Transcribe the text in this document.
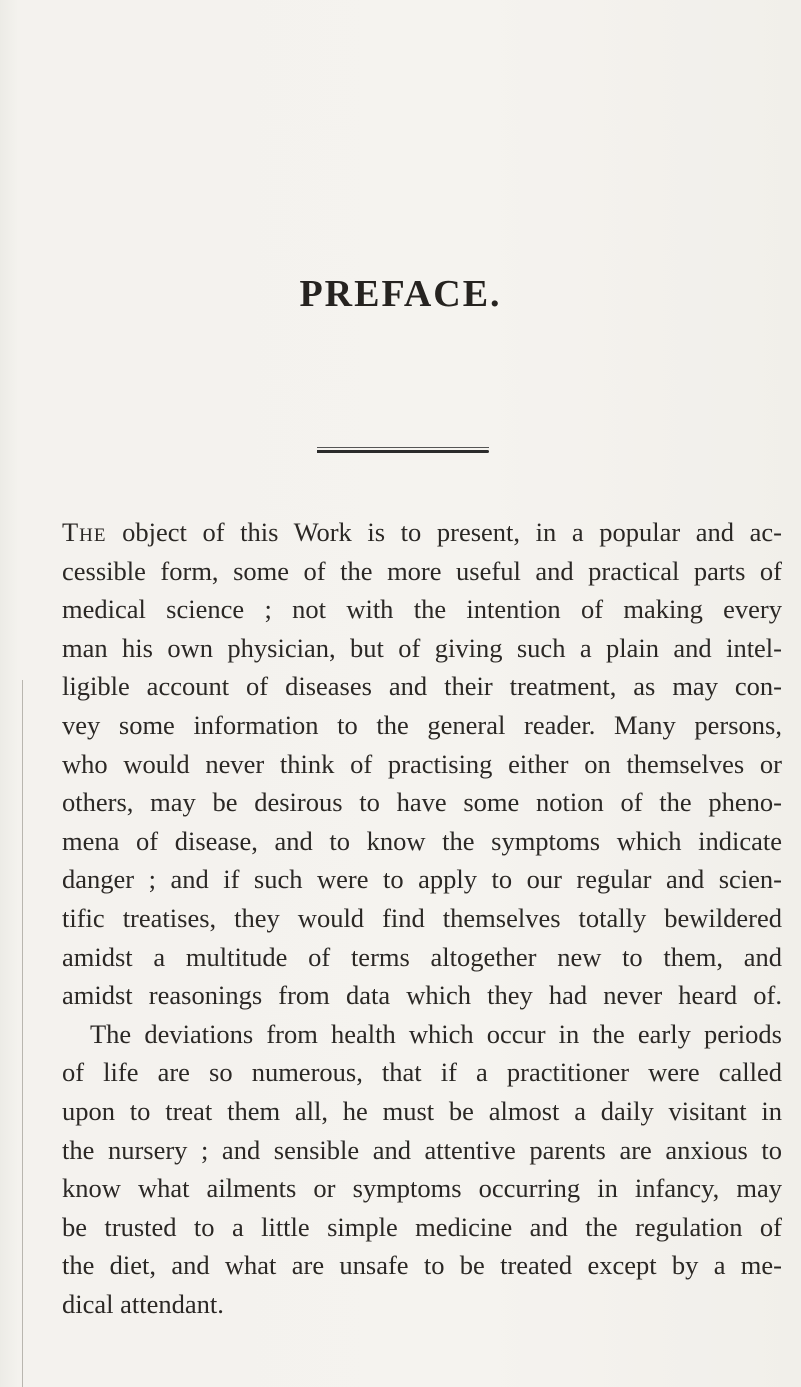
PREFACE.
The object of this Work is to present, in a popular and ac-
cessible form, some of the more useful and practical parts of
medical science ; not with the intention of making every
man his own physician, but of giving such a plain and intel-
ligible account of diseases and their treatment, as may con-
vey some information to the general reader. Many persons,
who would never think of practising either on themselves or
others, may be desirous to have some notion of the pheno-
mena of disease, and to know the symptoms which indicate
danger ; and if such were to apply to our regular and scien-
tific treatises, they would find themselves totally bewildered
amidst a multitude of terms altogether new to them, and
amidst reasonings from data which they had never heard of.
The deviations from health which occur in the early periods
of life are so numerous, that if a practitioner were called
upon to treat them all, he must be almost a daily visitant in
the nursery ; and sensible and attentive parents are anxious to
know what ailments or symptoms occurring in infancy, may
be trusted to a little simple medicine and the regulation of
the diet, and what are unsafe to be treated except by a me-
dical attendant.
